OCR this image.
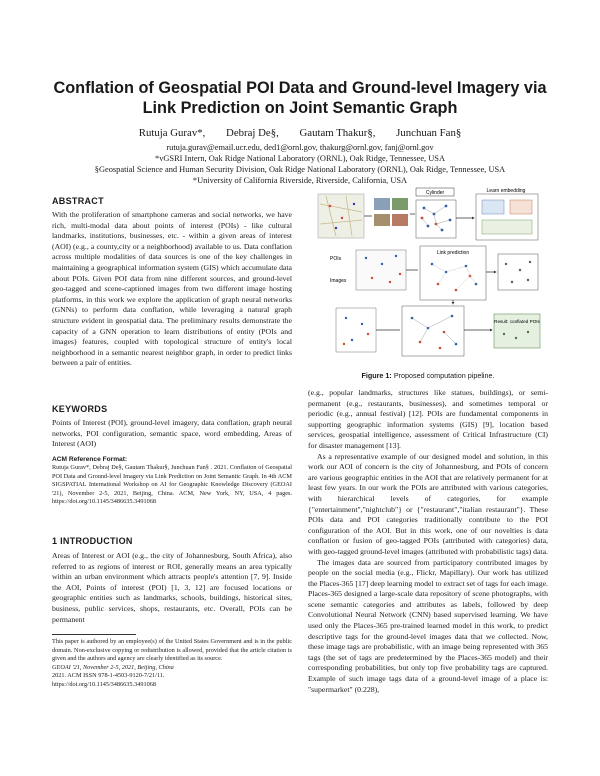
Conflation of Geospatial POI Data and Ground-level Imagery via Link Prediction on Joint Semantic Graph
Rutuja Gurav*, Debraj De§, Gautam Thakur§, Junchuan Fan§
rutuja.gurav@email.ucr.edu, ded1@ornl.gov, thakurg@ornl.gov, fanj@ornl.gov
*vGSRI Intern, Oak Ridge National Laboratory (ORNL), Oak Ridge, Tennessee, USA
§Geospatial Science and Human Security Division, Oak Ridge National Laboratory (ORNL), Oak Ridge, Tennessee, USA
*University of California Riverside, Riverside, California, USA
ABSTRACT

With the proliferation of smartphone cameras and social networks, we have rich, multi-modal data about points of interest (POIs) - like cultural landmarks, institutions, businesses, etc. - within a given areas of interest (AOI) (e.g., a county,city or a neighborhood) available to us. Data conflation across multiple modalities of data sources is one of the key challenges in maintaining a geographical information system (GIS) which accumulate data about POIs. Given POI data from nine different sources, and ground-level geo-tagged and scene-captioned images from two different image hosting platforms, in this work we explore the application of graph neural networks (GNNs) to perform data conflation, while leveraging a natural graph structure evident in geospatial data. The preliminary results demonstrate the capacity of a GNN operation to learn distributions of entity (POIs and images) features, coupled with topological structure of entity's local neighborhood in a semantic nearest neighbor graph, in order to predict links between a pair of entities.

KEYWORDS

Points of Interest (POI), ground-level imagery, data conflation, graph neural networks, POI configuration, semantic space, word embedding, Areas of Interest (AOI)

ACM Reference Format:

Rutuja Gurav*, Debraj De§, Gautam Thakur§, Junchuan Fan§ . 2021. Conflation of Geospatial POI Data and Ground-level Imagery via Link Prediction on Joint Semantic Graph. In 4th ACM SIGSPATIAL International Workshop on AI for Geographic Knowledge Discovery (GEOAI '21), November 2-5, 2021, Beijing, China. ACM, New York, NY, USA, 4 pages. https://doi.org/10.1145/3486635.3491068

1 INTRODUCTION

Areas of Interest or AOI (e.g., the city of Johannesburg, South Africa), also referred to as regions of interest or ROI, generally means an area typically within an urban environment which attracts people's attention [7, 9]. Inside the AOI, Points of interest (POI) [1, 3, 12] are focused locations or geographic entities such as landmarks, schools, buildings, historical sites, business, public services, shops, restaurants, etc. Overall, POIs can be permanent

This paper is authored by an employee(s) of the United States Government and is in the public domain. Non-exclusive copying or redistribution is allowed, provided that the article citation is given and the authors and agency are clearly identified as its source.

GEOAI '21, November 2-5, 2021, Beijing, China

2021. ACM ISSN 978-1-4503-9120-7/21/11.

https://doi.org/10.1145/3486635.3491068

Cylinder	Learn embedding
POIs
Images
Link prediction
Result: conflated POIs
Figure 1: Proposed computation pipeline.

(e.g., popular landmarks, structures like statues, buildings), or semi-permanent (e.g., restaurants, businesses), and sometimes temporal or periodic (e.g., annual festival) [12]. POIs are fundamental components in supporting geographic information systems (GIS) [9], location based services, geospatial intelligence, assessment of Critical Infrastructure (CI) for disaster management [13].

As a representative example of our designed model and solution, in this work our AOI of concern is the city of Johannesburg, and POIs of concern are various geographic entities in the AOI that are relatively permanent for at least few years. In our work the POIs are attributed with various categories, with hierarchical levels of categories, for example {"entertainment","nightclub"} or {"restaurant","italian restaurant"}. These POIs data and POI categories traditionally contribute to the POI configuration of the AOI. But in this work, one of our novelties is data conflation or fusion of geo-tagged POIs (attributed with categories) data, with geo-tagged ground-level images (attributed with probabilistic tags) data.

The images data are sourced from participatory contributed images by people on the social media (e.g., Flickr, Mapillary). Our work has utilized the Places-365 [17] deep learning model to extract set of tags for each image. Places-365 designed a large-scale data repository of scene photographs, with scene semantic categories and attributes as labels, followed by deep Convolutional Neural Network (CNN) based supervised learning. We have used only the Places-365 pre-trained learned model in this work, to predict descriptive tags for the ground-level images data that we collected. Now, these image tags are probabilistic, with an image being represented with 365 tags (the set of tags are predetermined by the Places-365 model) and their corresponding probabilities, but only top five probability tags are captured. Example of such image tags data of a ground-level image of a place is: "supermarket" (0.228),
